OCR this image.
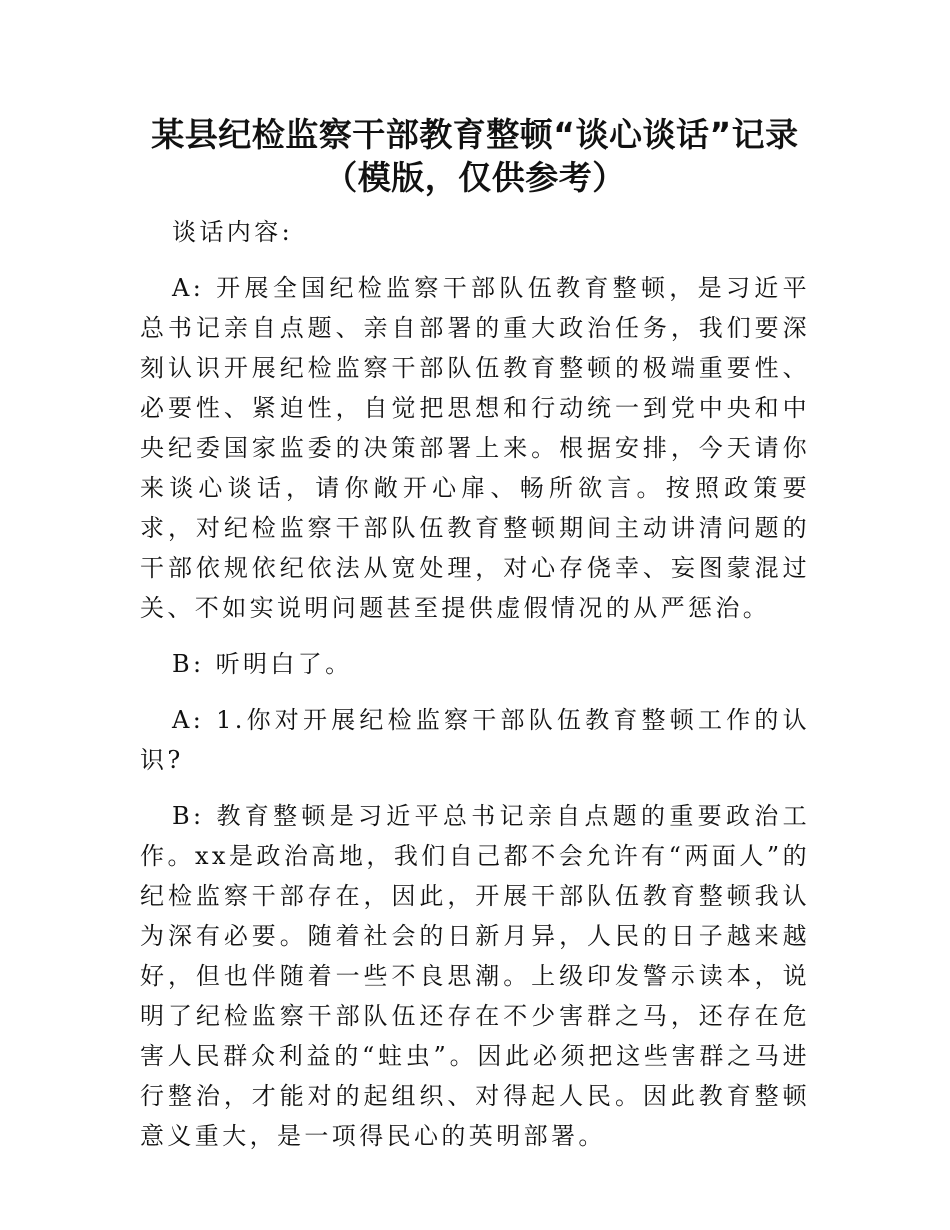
某县纪检监察干部教育整顿“谈心谈话”记录
（模版，仅供参考）

谈话内容:

A: 开展全国纪检监察干部队伍教育整顿，是习近平总书记亲自点题、亲自部署的重大政治任务，我们要深刻认识开展纪检监察干部队伍教育整顿的极端重要性、必要性、紧迫性，自觉把思想和行动统一到党中央和中央纪委国家监委的决策部署上来。根据安排，今天请你来谈心谈话，请你敞开心扉、畅所欲言。按照政策要求，对纪检监察干部队伍教育整顿期间主动讲清问题的干部依规依纪依法从宽处理，对心存侥幸、妄图蒙混过关、不如实说明问题甚至提供虚假情况的从严惩治。

B: 听明白了。

A: 1.你对开展纪检监察干部队伍教育整顿工作的认识?

B: 教育整顿是习近平总书记亲自点题的重要政治工作。xx是政治高地，我们自己都不会允许有“两面人”的纪检监察干部存在，因此，开展干部队伍教育整顿我认为深有必要。随着社会的日新月异，人民的日子越来越好，但也伴随着一些不良思潮。上级印发警示读本，说明了纪检监察干部队伍还存在不少害群之马，还存在危害人民群众利益的“蛀虫”。因此必须把这些害群之马进行整治，才能对的起组织、对得起人民。因此教育整顿意义重大，是一项得民心的英明部署。
